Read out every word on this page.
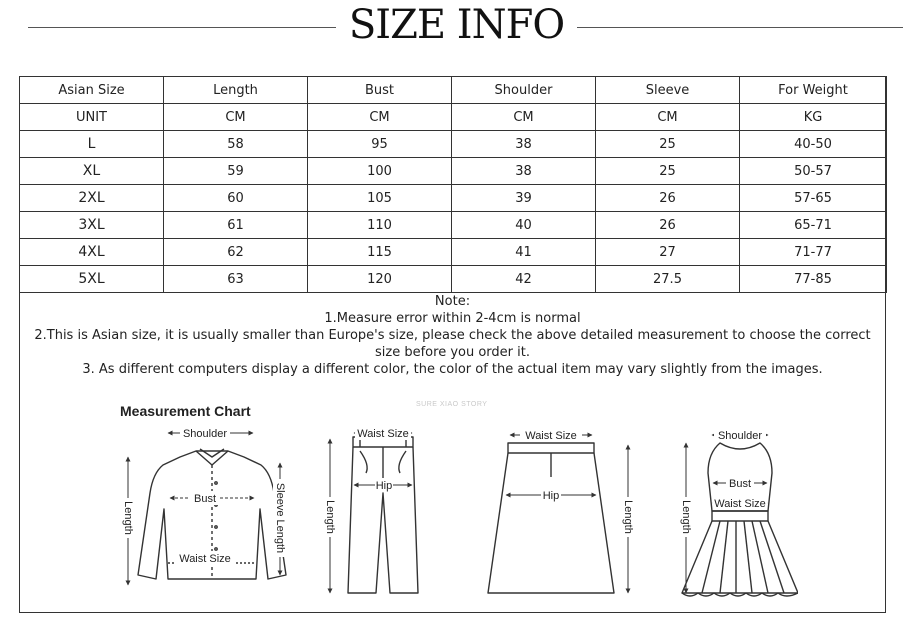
SIZE INFO
Asian Size	Length	Bust	Shoulder	Sleeve	For Weight
UNIT	CM	CM	CM	CM	KG
L	58	95	38	25	40-50
XL	59	100	38	25	50-57
2XL	60	105	39	26	57-65
3XL	61	110	40	26	65-71
4XL	62	115	41	27	71-77
5XL	63	120	42	27.5	77-85
Note:
1.Measure error within 2-4cm is normal
2.This is Asian size, it is usually smaller than Europe's size, please check the above detailed measurement to choose the correct size before you order it.
3. As different computers display a different color, the color of the actual item may vary slightly from the images.
Measurement Chart	SURE XIAO STORY
Shoulder
Bust
Waist Size
Length	Sleeve Length
Waist Size
Hip
Length
Waist Size
Hip
Length
Shoulder
Bust
Waist Size
Length
